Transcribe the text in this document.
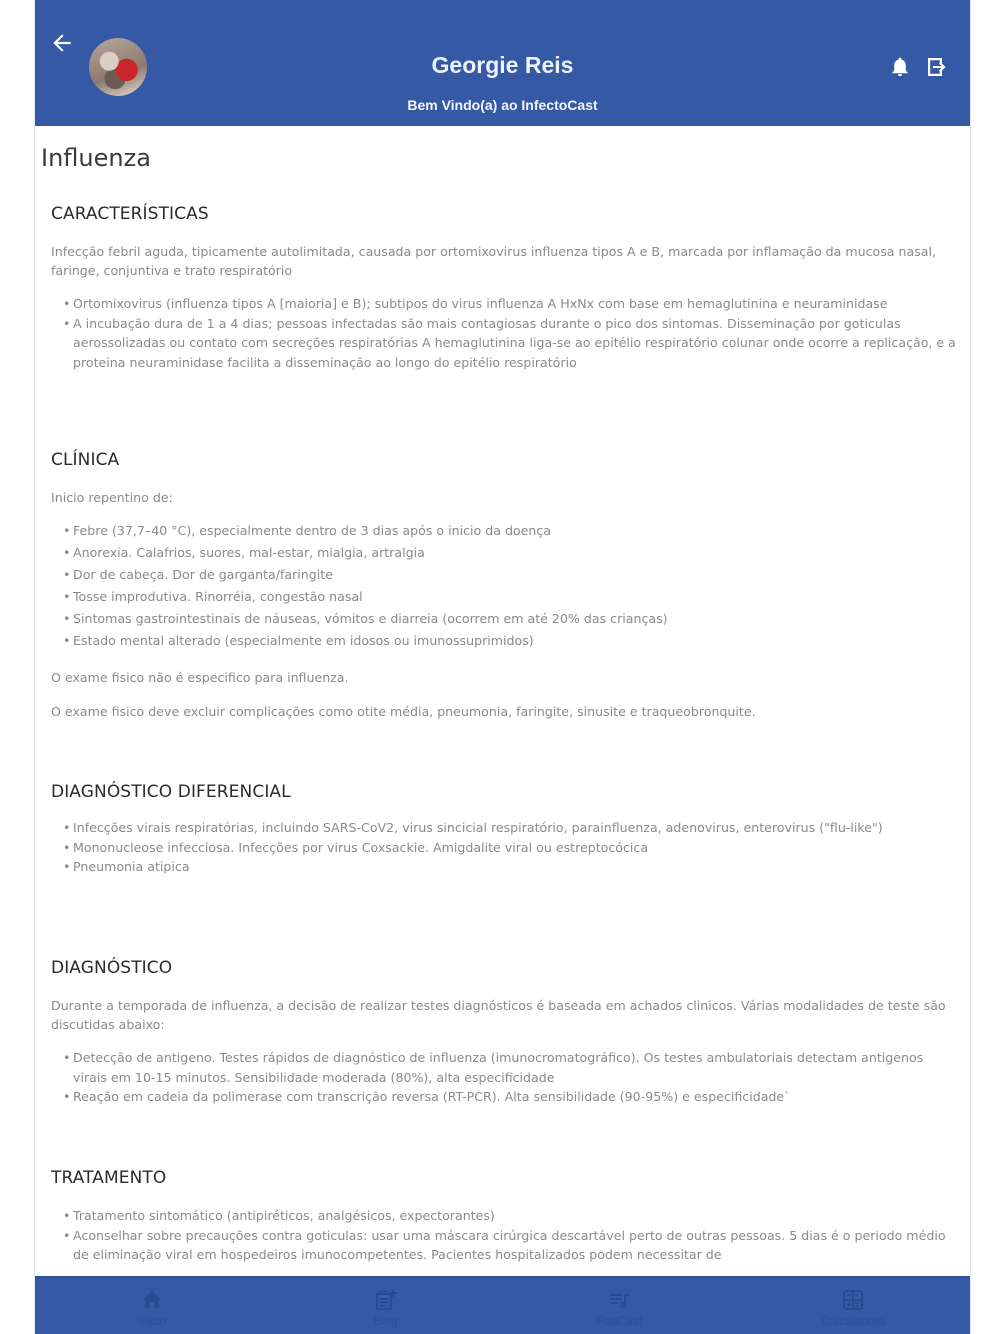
Georgie Reis
Bem Vindo(a) ao InfectoCast
Influenza
CARACTERÍSTICAS

Infecção febril aguda, tipicamente autolimitada, causada por ortomixovirus influenza tipos A e B, marcada por inflamação da mucosa nasal, faringe, conjuntiva e trato respiratório

• Ortomixovirus (influenza tipos A [maioria] e B); subtipos do virus influenza A HxNx com base em hemaglutinina e neuraminidase
• A incubação dura de 1 a 4 dias; pessoas infectadas são mais contagiosas durante o pico dos sintomas. Disseminação por goticulas aerossolizadas ou contato com secreções respiratórias A hemaglutinina liga-se ao epitélio respiratório colunar onde ocorre a replicação, e a proteina neuraminidase facilita a disseminação ao longo do epitélio respiratório
CLÍNICA

Inicio repentino de:

• Febre (37,7–40 °C), especialmente dentro de 3 dias após o inicio da doença
• Anorexia. Calafrios, suores, mal-estar, mialgia, artralgia
• Dor de cabeça. Dor de garganta/faringite
• Tosse improdutiva. Rinorréia, congestão nasal
• Sintomas gastrointestinais de náuseas, vómitos e diarreia (ocorrem em até 20% das crianças)
• Estado mental alterado (especialmente em idosos ou imunossuprimidos)

O exame fisico não é especifico para influenza.

O exame fisico deve excluir complicações como otite média, pneumonia, faringite, sinusite e traqueobronquite.

DIAGNÓSTICO DIFERENCIAL
• Infecções virais respiratórias, incluindo SARS-CoV2, virus sincicial respiratório, parainfluenza, adenovirus, enterovirus ("flu-like")
• Mononucleose infecciosa. Infecções por virus Coxsackie. Amigdalite viral ou estreptocócica
• Pneumonia atipica
DIAGNÓSTICO

Durante a temporada de influenza, a decisão de realizar testes diagnósticos é baseada em achados clinicos. Várias modalidades de teste são discutidas abaixo:

• Detecção de antigeno. Testes rápidos de diagnóstico de influenza (imunocromatográfico). Os testes ambulatoriais detectam antigenos virais em 10-15 minutos. Sensibilidade moderada (80%), alta especificidade
• Reação em cadeia da polimerase com transcrição reversa (RT-PCR). Alta sensibilidade (90-95%) e especificidade`
TRATAMENTO
• Tratamento sintomático (antipiréticos, analgésicos, expectorantes)
• Aconselhar sobre precauções contra goticulas: usar uma máscara cirúrgica descartável perto de outras pessoas. 5 dias é o periodo médio de eliminação viral em hospedeiros imunocompetentes. Pacientes hospitalizados podem necessitar de
Inicio	Blog	PodCast	Calculadora
